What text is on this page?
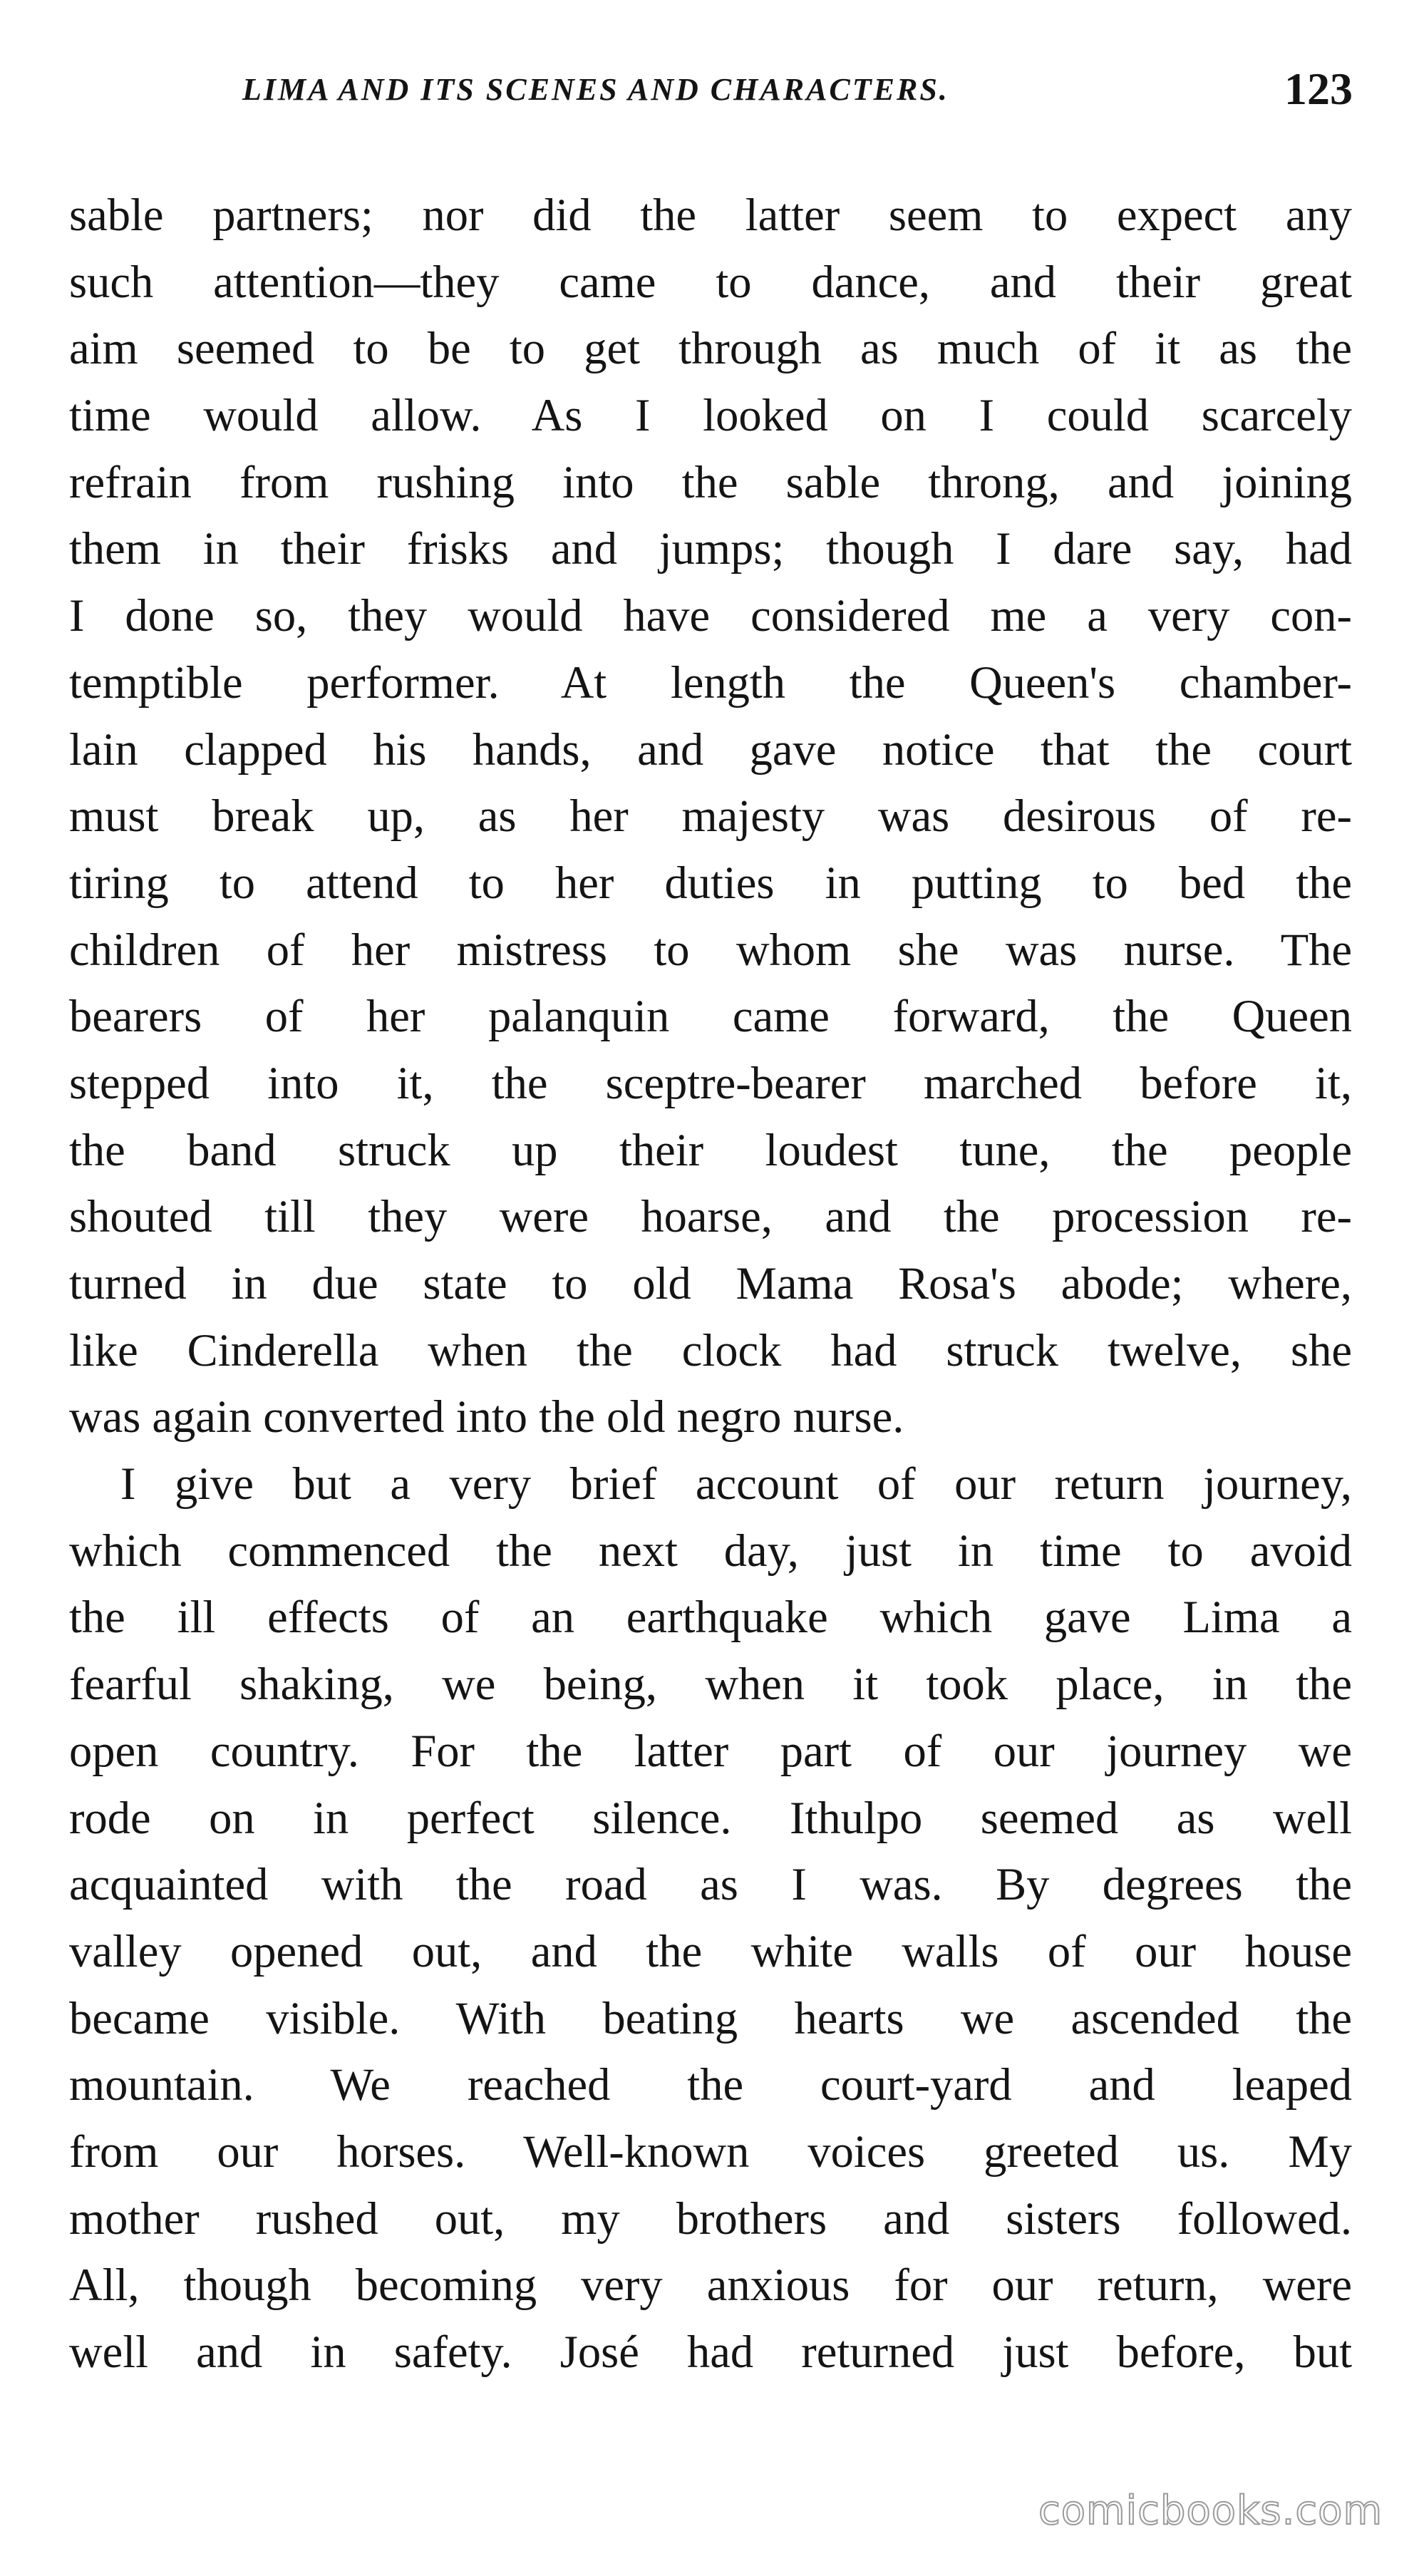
LIMA AND ITS SCENES AND CHARACTERS.	123
sable partners; nor did the latter seem to expect any
such attention—they came to dance, and their great
aim seemed to be to get through as much of it as the
time would allow. As I looked on I could scarcely
refrain from rushing into the sable throng, and joining
them in their frisks and jumps; though I dare say, had
I done so, they would have considered me a very con-
temptible performer. At length the Queen's chamber-
lain clapped his hands, and gave notice that the court
must break up, as her majesty was desirous of re-
tiring to attend to her duties in putting to bed the
children of her mistress to whom she was nurse. The
bearers of her palanquin came forward, the Queen
stepped into it, the sceptre-bearer marched before it,
the band struck up their loudest tune, the people
shouted till they were hoarse, and the procession re-
turned in due state to old Mama Rosa's abode; where,
like Cinderella when the clock had struck twelve, she
was again converted into the old negro nurse.
I give but a very brief account of our return journey,
which commenced the next day, just in time to avoid
the ill effects of an earthquake which gave Lima a
fearful shaking, we being, when it took place, in the
open country. For the latter part of our journey we
rode on in perfect silence. Ithulpo seemed as well
acquainted with the road as I was. By degrees the
valley opened out, and the white walls of our house
became visible. With beating hearts we ascended the
mountain. We reached the court-yard and leaped
from our horses. Well-known voices greeted us. My
mother rushed out, my brothers and sisters followed.
All, though becoming very anxious for our return, were
well and in safety. José had returned just before, but
comicbooks.com
